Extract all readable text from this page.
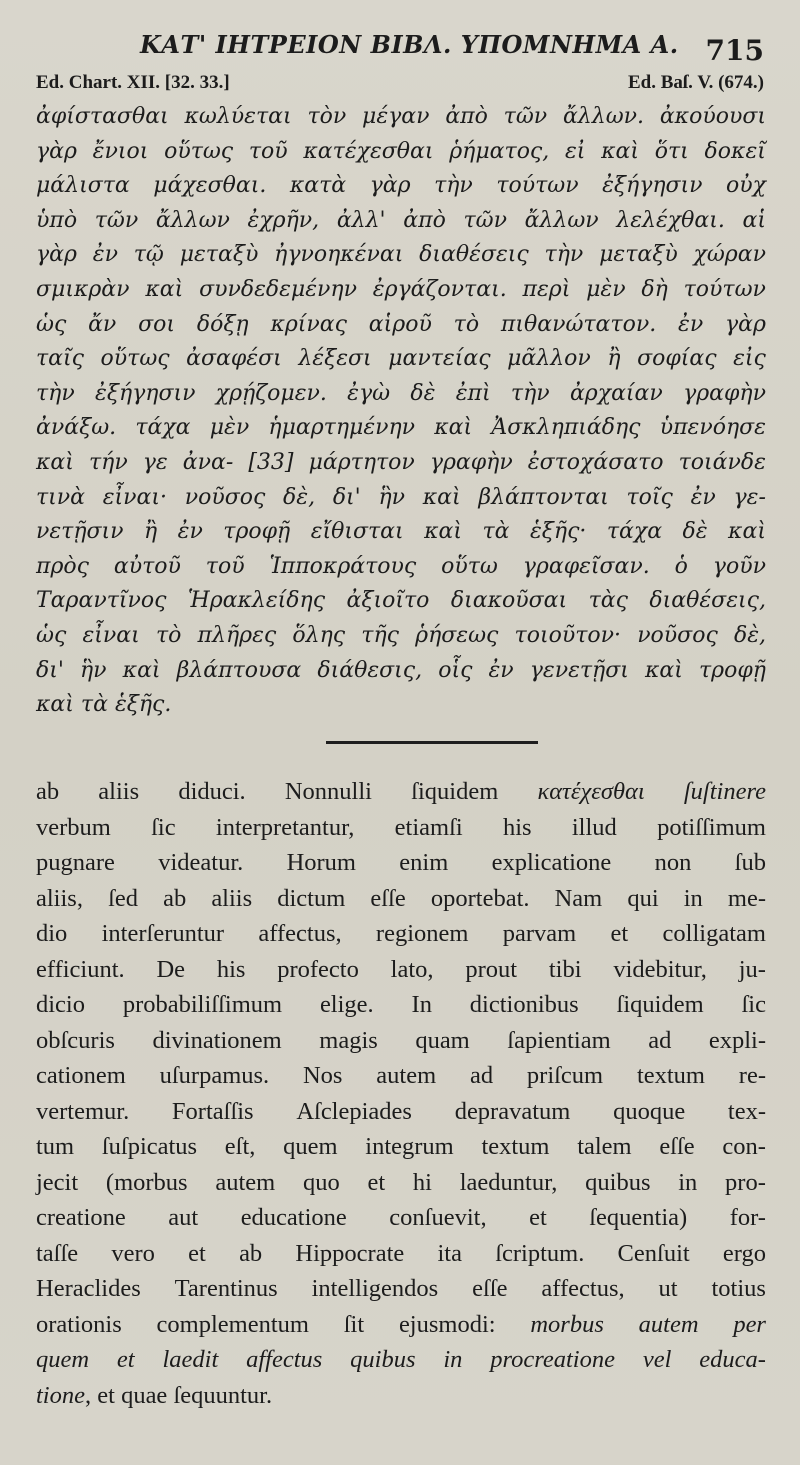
ΚΑΤ' ΙΗΤΡΕΙΟΝ ΒΙΒΛ. ΥΠΟΜΝΗΜΑ Α. 715
Ed. Chart. XII. [32. 33.]	Ed. Baſ. V. (674.)
ἀφίστασθαι κωλύεται τὸν μέγαν ἀπὸ τῶν ἄλλων. ἀκούουσι
γὰρ ἔνιοι οὕτως τοῦ κατέχεσθαι ῥήματος, εἰ καὶ ὅτι δοκεῖ
μάλιστα μάχεσθαι. κατὰ γὰρ τὴν τούτων ἐξήγησιν οὐχ
ὑπὸ τῶν ἄλλων ἐχρῆν, ἀλλ' ἀπὸ τῶν ἄλλων λελέχθαι. αἱ
γὰρ ἐν τῷ μεταξὺ ἠγνοηκέναι διαθέσεις τὴν μεταξὺ χώραν
σμικρὰν καὶ συνδεδεμένην ἐργάζονται. περὶ μὲν δὴ τούτων
ὡς ἄν σοι δόξῃ κρίνας αἱροῦ τὸ πιθανώτατον. ἐν γὰρ
ταῖς οὕτως ἀσαφέσι λέξεσι μαντείας μᾶλλον ἢ σοφίας εἰς
τὴν ἐξήγησιν χρῄζομεν. ἐγὼ δὲ ἐπὶ τὴν ἀρχαίαν γραφὴν
ἀνάξω. τάχα μὲν ἡμαρτημένην καὶ Ἀσκληπιάδης ὑπενόησε
καὶ τήν γε ἀνα- [33] μάρτητον γραφὴν ἐστοχάσατο τοιάνδε
τινὰ εἶναι· νοῦσος δὲ, δι' ἣν καὶ βλάπτονται τοῖς ἐν γε-
νετῇσιν ἢ ἐν τροφῇ εἴθισται καὶ τὰ ἑξῆς· τάχα δὲ καὶ
πρὸς αὐτοῦ τοῦ Ἱπποκράτους οὕτω γραφεῖσαν. ὁ γοῦν
Ταραντῖνος Ἡρακλείδης ἀξιοῖτο διακοῦσαι τὰς διαθέσεις,
ὡς εἶναι τὸ πλῆρες ὅλης τῆς ῥήσεως τοιοῦτον· νοῦσος δὲ,
δι' ἣν καὶ βλάπτουσα διάθεσις, οἷς ἐν γενετῇσι καὶ τροφῇ
καὶ τὰ ἑξῆς.
ab aliis diduci. Nonnulli ſiquidem κατέχεσθαι ſuſtinere
verbum ſic interpretantur, etiamſi his illud potiſſimum
pugnare videatur. Horum enim explicatione non ſub
aliis, ſed ab aliis dictum eſſe oportebat. Nam qui in me-
dio interſeruntur affectus, regionem parvam et colligatam
efficiunt. De his profecto lato, prout tibi videbitur, ju-
dicio probabiliſſimum elige. In dictionibus ſiquidem ſic
obſcuris divinationem magis quam ſapientiam ad expli-
cationem uſurpamus. Nos autem ad priſcum textum re-
vertemur. Fortaſſis Aſclepiades depravatum quoque tex-
tum ſuſpicatus eſt, quem integrum textum talem eſſe con-
jecit (morbus autem quo et hi laeduntur, quibus in pro-
creatione aut educatione conſuevit, et ſequentia) for-
taſſe vero et ab Hippocrate ita ſcriptum. Cenſuit ergo
Heraclides Tarentinus intelligendos eſſe affectus, ut totius
orationis complementum ſit ejusmodi: morbus autem per
quem et laedit affectus quibus in procreatione vel educa-
tione, et quae ſequuntur.
